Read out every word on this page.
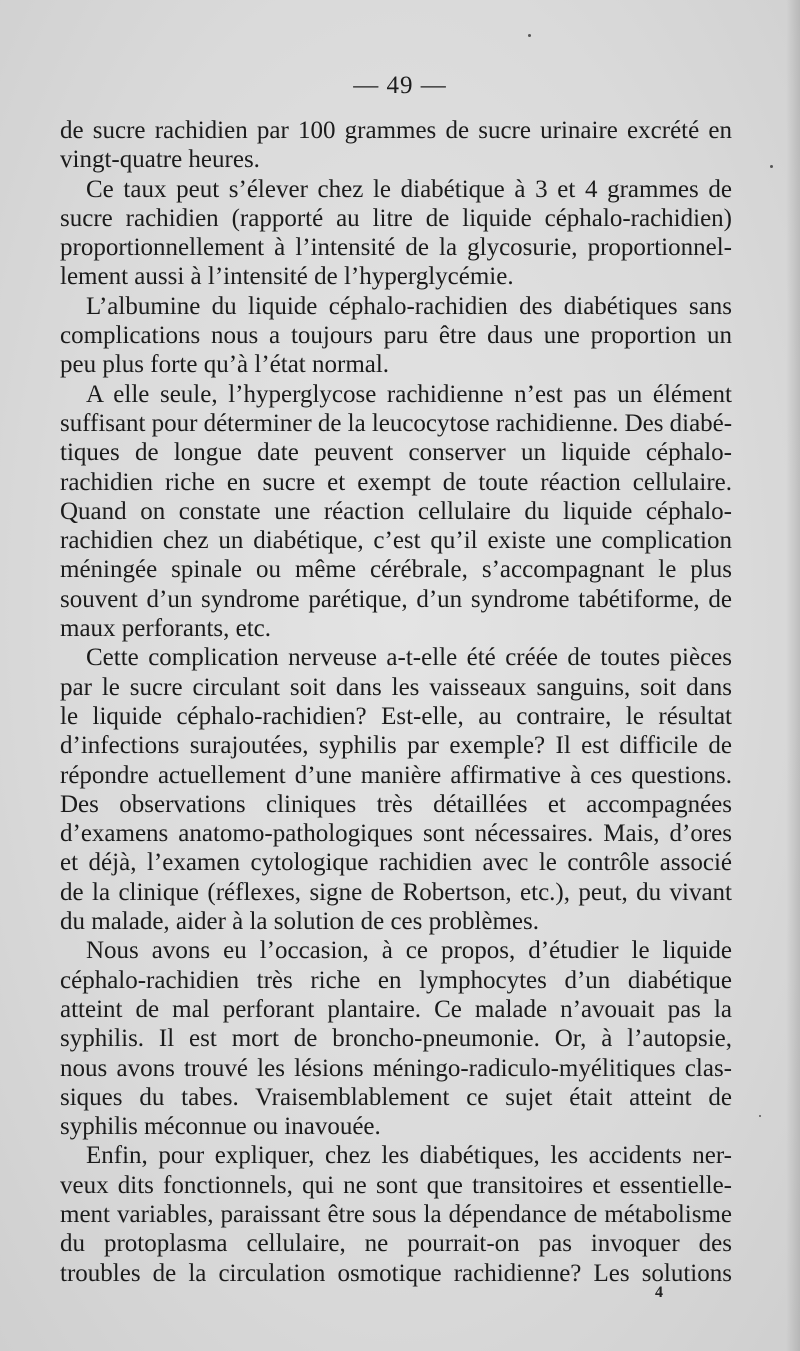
— 49 —
de sucre rachidien par 100 grammes de sucre urinaire excrété en
vingt-quatre heures.
Ce taux peut s’élever chez le diabétique à 3 et 4 grammes de
sucre rachidien (rapporté au litre de liquide céphalo-rachidien)
proportionnellement à l’intensité de la glycosurie, proportionnel-
lement aussi à l’intensité de l’hyperglycémie.
L’albumine du liquide céphalo-rachidien des diabétiques sans
complications nous a toujours paru être daus une proportion un
peu plus forte qu’à l’état normal.
A elle seule, l’hyperglycose rachidienne n’est pas un élément
suffisant pour déterminer de la leucocytose rachidienne. Des diabé-
tiques de longue date peuvent conserver un liquide céphalo-
rachidien riche en sucre et exempt de toute réaction cellulaire.
Quand on constate une réaction cellulaire du liquide céphalo-
rachidien chez un diabétique, c’est qu’il existe une complication
méningée spinale ou même cérébrale, s’accompagnant le plus
souvent d’un syndrome parétique, d’un syndrome tabétiforme, de
maux perforants, etc.
Cette complication nerveuse a-t-elle été créée de toutes pièces
par le sucre circulant soit dans les vaisseaux sanguins, soit dans
le liquide céphalo-rachidien? Est-elle, au contraire, le résultat
d’infections surajoutées, syphilis par exemple? Il est difficile de
répondre actuellement d’une manière affirmative à ces questions.
Des observations cliniques très détaillées et accompagnées
d’examens anatomo-pathologiques sont nécessaires. Mais, d’ores
et déjà, l’examen cytologique rachidien avec le contrôle associé
de la clinique (réflexes, signe de Robertson, etc.), peut, du vivant
du malade, aider à la solution de ces problèmes.
Nous avons eu l’occasion, à ce propos, d’étudier le liquide
céphalo-rachidien très riche en lymphocytes d’un diabétique
atteint de mal perforant plantaire. Ce malade n’avouait pas la
syphilis. Il est mort de broncho-pneumonie. Or, à l’autopsie,
nous avons trouvé les lésions méningo-radiculo-myélitiques clas-
siques du tabes. Vraisemblablement ce sujet était atteint de
syphilis méconnue ou inavouée.
Enfin, pour expliquer, chez les diabétiques, les accidents ner-
veux dits fonctionnels, qui ne sont que transitoires et essentielle-
ment variables, paraissant être sous la dépendance de métabolisme
du protoplasma cellulaire, ne pourrait-on pas invoquer des
troubles de la circulation osmotique rachidienne? Les solutions
4
